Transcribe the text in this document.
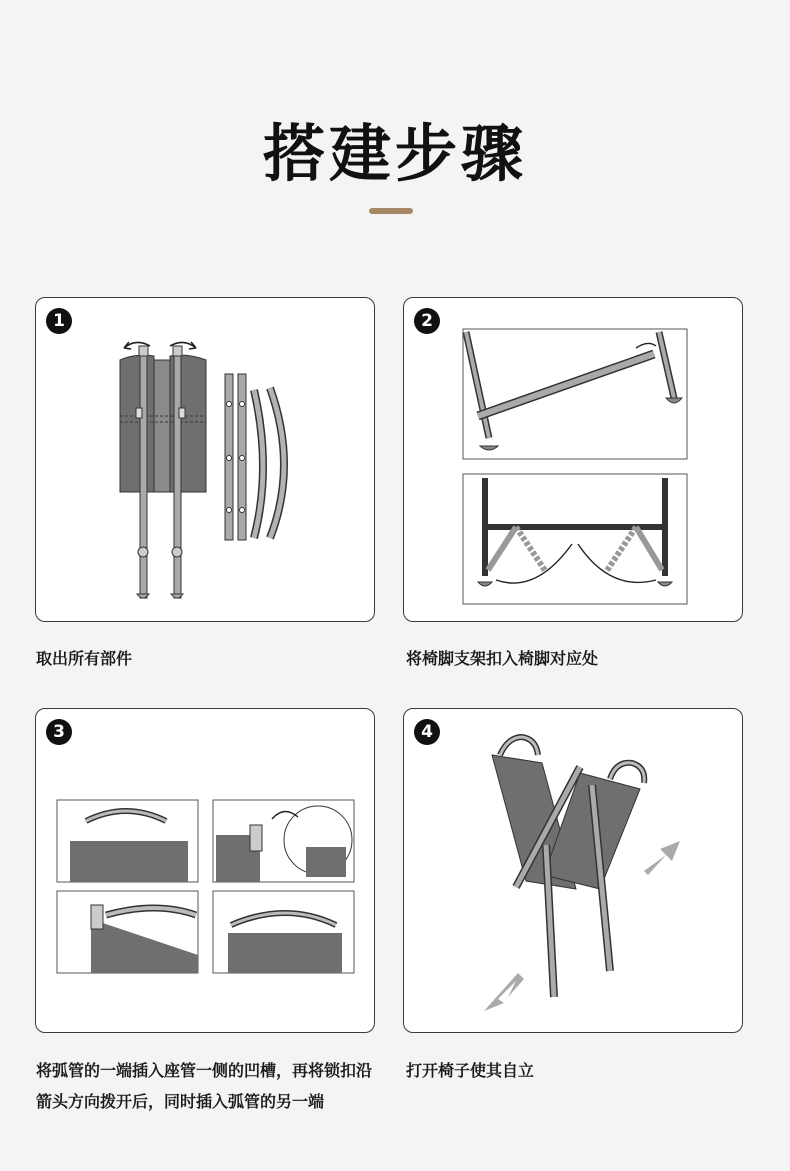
搭建步骤
1	2
3	4
取出所有部件	将椅脚支架扣入椅脚对应处
将弧管的一端插入座管一侧的凹槽，再将锁扣沿箭头方向拨开后，同时插入弧管的另一端
打开椅子使其自立
